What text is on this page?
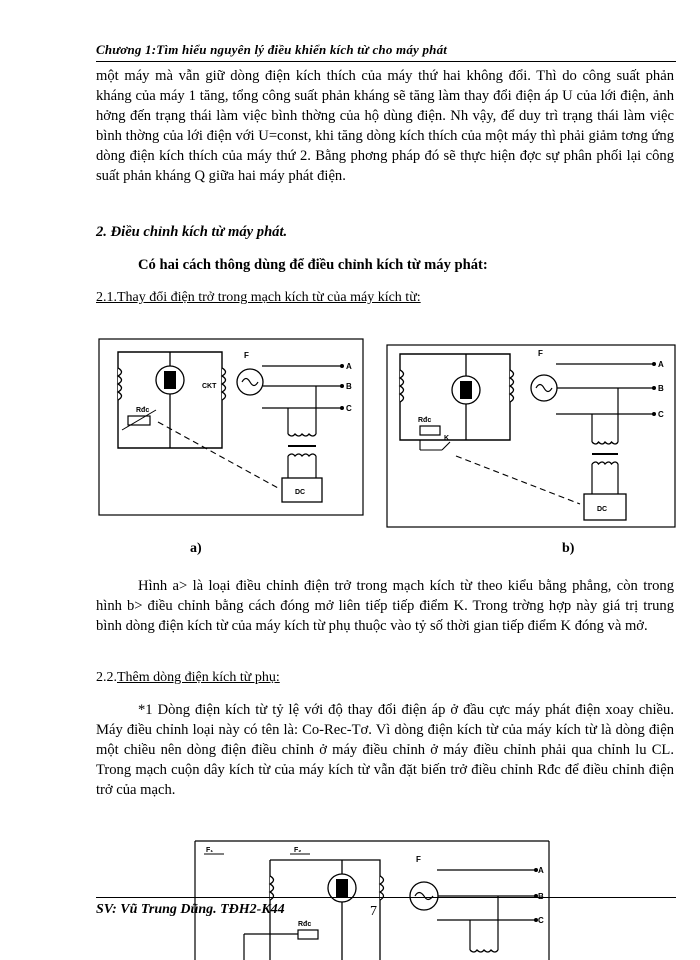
Chương 1:Tìm hiểu nguyên lý điều khiển kích từ cho máy phát

một máy mà vẫn giữ dòng điện kích thích của máy thứ hai không đổi. Thì do công suất phản kháng của máy 1 tăng, tổng công suất phản kháng sẽ tăng làm thay đổi điện áp U của lới điện, ảnh hởng đến trạng thái làm việc bình thờng của hộ dùng điện. Nh vậy, để duy trì trạng thái làm việc bình thờng của lới điện với U=const, khi tăng dòng kích thích của một máy thì phải giảm tơng ứng dòng điện kích thích của máy thứ 2. Bằng phơng pháp đó sẽ thực hiện đợc sự phân phối lại công suất phản kháng Q giữa hai máy phát điện.

2. Điều chỉnh kích từ máy phát.
Có hai cách thông dùng để điều chỉnh kích từ máy phát:
2.1.Thay đổi điện trở trong mạch kích từ của máy kích từ:
CKT
Rđc
F
A
B
C
DC
Rđc
K
F
A
B
C
DC
a)	b)

Hình a> là loại điều chỉnh điện trở trong mạch kích từ theo kiểu bằng phẳng, còn trong hình b> điều chỉnh bằng cách đóng mở liên tiếp tiếp điểm K. Trong trờng hợp này giá trị trung bình dòng điện kích từ của máy kích từ phụ thuộc vào tỷ số thời gian tiếp điểm K đóng và mở.

2.2.Thêm dòng điện kích từ phụ:

*1 Dòng điện kích từ tỷ lệ với độ thay đổi điện áp ở đầu cực máy phát điện xoay chiều. Máy điều chỉnh loại này có tên là: Co-Rec-Tơ. Vì dòng điện kích từ của máy kích từ là dòng điện một chiều nên dòng điện điều chỉnh ở máy điều chỉnh ở máy điều chỉnh phải qua chỉnh lu CL. Trong mạch cuộn dây kích từ của máy kích từ vẫn đặt biến trở điều chỉnh Rđc để điều chỉnh điện trở của mạch.

F₁	F₂
Rđc
F
A
C
SV: Vũ Trung Dũng. TĐH2-K44	7
